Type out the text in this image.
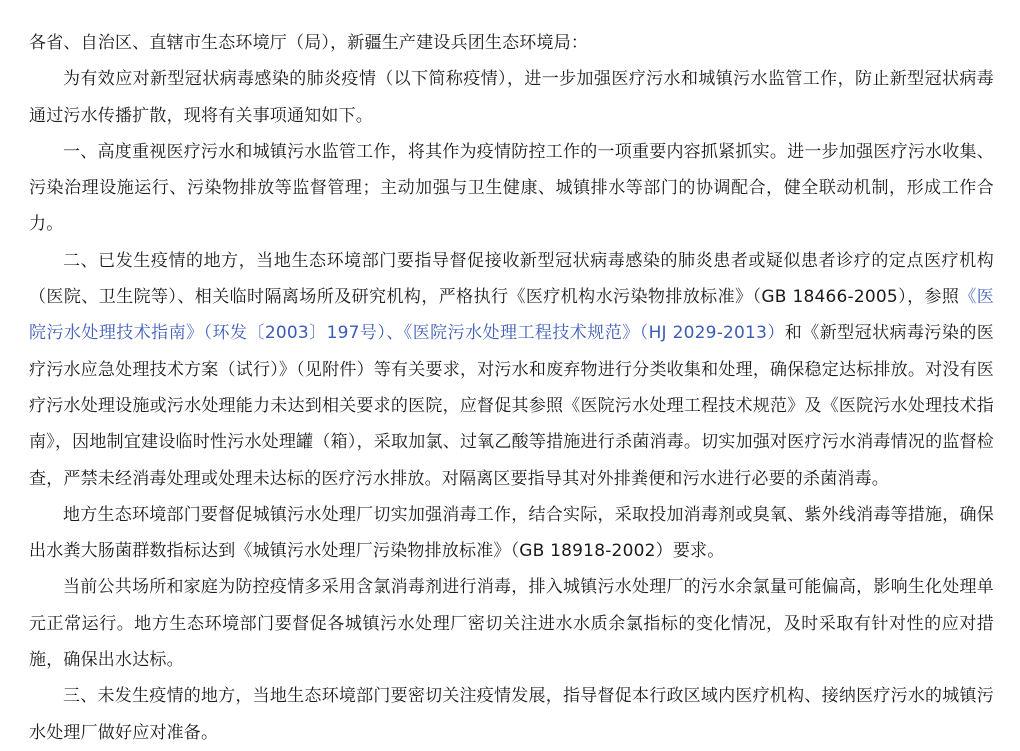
各省、自治区、直辖市生态环境厅（局），新疆生产建设兵团生态环境局：

为有效应对新型冠状病毒感染的肺炎疫情（以下简称疫情），进一步加强医疗污水和城镇污水监管工作，防止新型冠状病毒通过污水传播扩散，现将有关事项通知如下。

一、高度重视医疗污水和城镇污水监管工作，将其作为疫情防控工作的一项重要内容抓紧抓实。进一步加强医疗污水收集、污染治理设施运行、污染物排放等监督管理；主动加强与卫生健康、城镇排水等部门的协调配合，健全联动机制，形成工作合力。

二、已发生疫情的地方，当地生态环境部门要指导督促接收新型冠状病毒感染的肺炎患者或疑似患者诊疗的定点医疗机构（医院、卫生院等）、相关临时隔离场所及研究机构，严格执行《医疗机构水污染物排放标准》（GB 18466-2005），参照《医院污水处理技术指南》（环发〔2003〕197号）、《医院污水处理工程技术规范》（HJ 2029-2013）和《新型冠状病毒污染的医疗污水应急处理技术方案（试行）》（见附件）等有关要求，对污水和废弃物进行分类收集和处理，确保稳定达标排放。对没有医疗污水处理设施或污水处理能力未达到相关要求的医院，应督促其参照《医院污水处理工程技术规范》及《医院污水处理技术指南》，因地制宜建设临时性污水处理罐（箱），采取加氯、过氧乙酸等措施进行杀菌消毒。切实加强对医疗污水消毒情况的监督检查，严禁未经消毒处理或处理未达标的医疗污水排放。对隔离区要指导其对外排粪便和污水进行必要的杀菌消毒。

地方生态环境部门要督促城镇污水处理厂切实加强消毒工作，结合实际，采取投加消毒剂或臭氧、紫外线消毒等措施，确保出水粪大肠菌群数指标达到《城镇污水处理厂污染物排放标准》（GB 18918-2002）要求。

当前公共场所和家庭为防控疫情多采用含氯消毒剂进行消毒，排入城镇污水处理厂的污水余氯量可能偏高，影响生化处理单元正常运行。地方生态环境部门要督促各城镇污水处理厂密切关注进水水质余氯指标的变化情况，及时采取有针对性的应对措施，确保出水达标。

三、未发生疫情的地方，当地生态环境部门要密切关注疫情发展，指导督促本行政区域内医疗机构、接纳医疗污水的城镇污水处理厂做好应对准备。
